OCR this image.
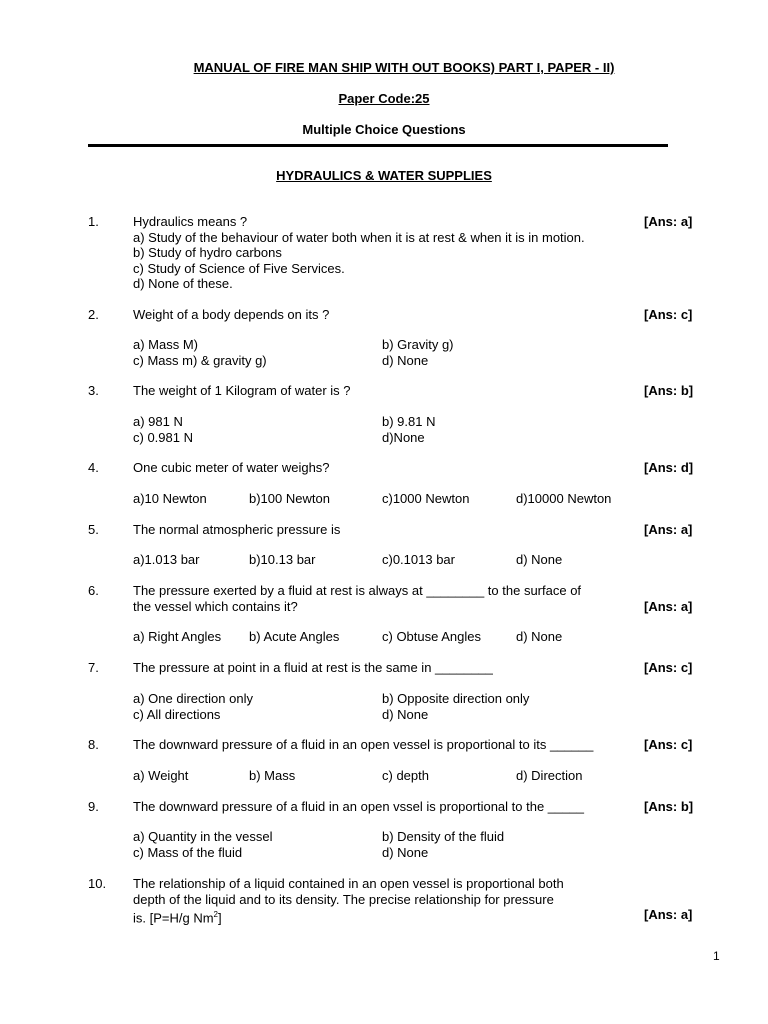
MANUAL OF FIRE MAN SHIP WITH OUT BOOKS) PART I, PAPER - II)
Paper Code:25
Multiple Choice Questions
HYDRAULICS & WATER SUPPLIES
1.	Hydraulics means ?	[Ans: a]
a) Study of the behaviour of water both when it is at rest & when it is in motion.
b) Study of hydro carbons
c) Study of Science of Five Services.
d) None of these.
2.	Weight of a body depends on its ?	[Ans: c]
a) Mass M)	b) Gravity g)
c) Mass m) & gravity g)	d) None
3.	The weight of 1 Kilogram of water is ?	[Ans: b]
a) 981 N	b) 9.81 N
c) 0.981 N	d)None
4.	One cubic meter of water weighs?	[Ans: d]
a)10 Newton	b)100 Newton	c)1000 Newton	d)10000 Newton
5.	The normal atmospheric pressure is	[Ans: a]
a)1.013 bar	b)10.13 bar	c)0.1013 bar	d) None
6.	The pressure exerted by a fluid at rest is always at ________ to the surface of
the vessel which contains it?	[Ans: a]
a) Right Angles b) Acute Angles	c) Obtuse Angles	d) None
7.	The pressure at point in a fluid at rest is the same in ________	[Ans: c]
a) One direction only	b) Opposite direction only
c) All directions	d) None
8.	The downward pressure of a fluid in an open vessel is proportional to its ______	[Ans: c]
a) Weight	b) Mass	c) depth	d) Direction
9.	The downward pressure of a fluid in an open vssel is proportional to the _____	[Ans: b]
a) Quantity in the vessel	b) Density of the fluid
c) Mass of the fluid	d) None
10. The relationship of a liquid contained in an open vessel is proportional both
depth of the liquid and to its density. The precise relationship for pressure
is. [P=H/g Nm$^2$]	[Ans: a]
1
